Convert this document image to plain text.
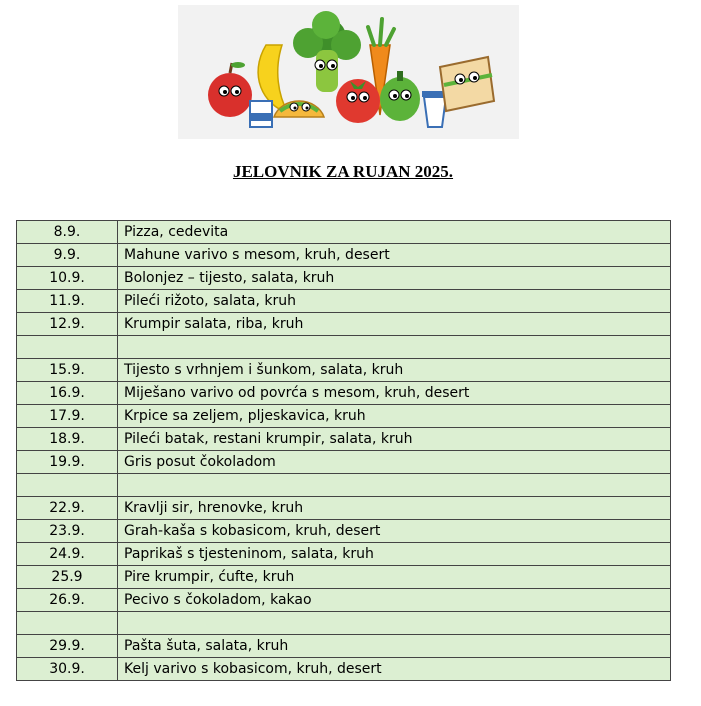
JELOVNIK ZA RUJAN 2025.
8.9.	Pizza, cedevita
9.9.	Mahune varivo s mesom, kruh, desert
10.9.	Bolonjez – tijesto, salata, kruh
11.9.	Pileći rižoto, salata, kruh
12.9.	Krumpir salata, riba, kruh

15.9.	Tijesto s vrhnjem i šunkom, salata, kruh
16.9.	Miješano varivo od povrća s mesom, kruh, desert
17.9.	Krpice sa zeljem, pljeskavica, kruh
18.9.	Pileći batak, restani krumpir, salata, kruh
19.9.	Gris posut čokoladom

22.9.	Kravlji sir, hrenovke, kruh
23.9.	Grah-kaša s kobasicom, kruh, desert
24.9.	Paprikaš s tjesteninom, salata, kruh
25.9	Pire krumpir, ćufte, kruh
26.9.	Pecivo s čokoladom, kakao

29.9.	Pašta šuta, salata, kruh
30.9.	Kelj varivo s kobasicom, kruh, desert
